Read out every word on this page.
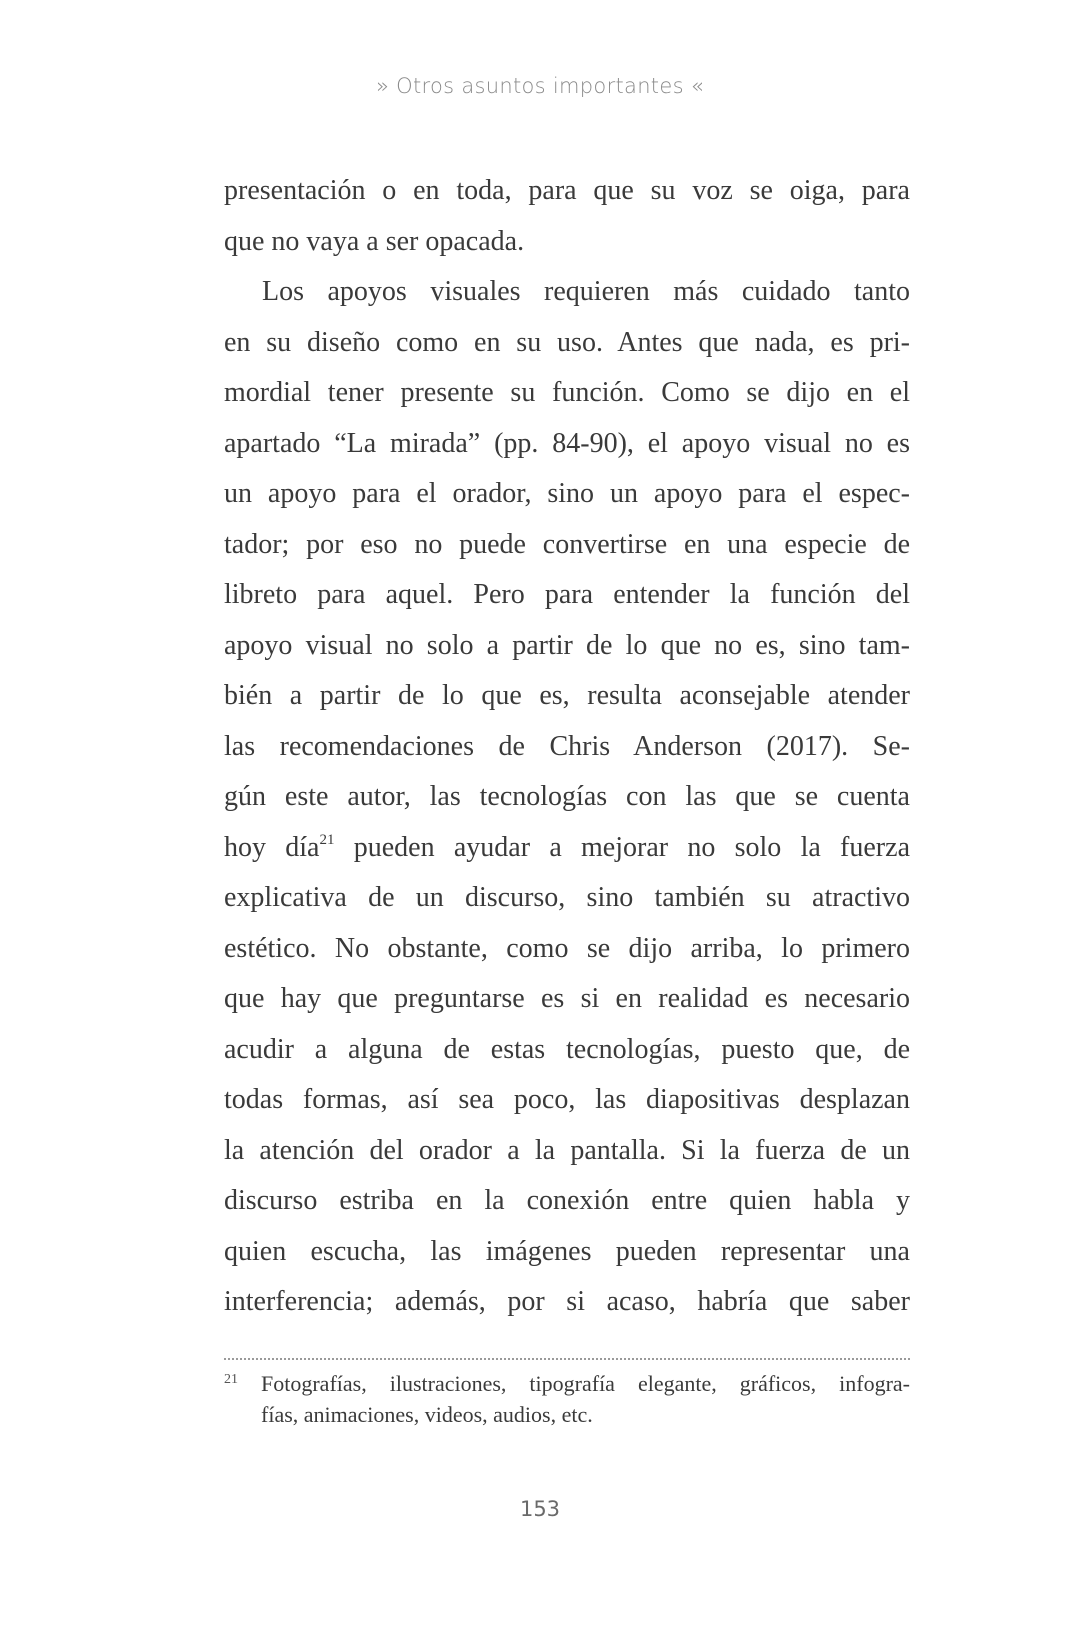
» Otros asuntos importantes «
presentación o en toda, para que su voz se oiga, para
que no vaya a ser opacada.
Los apoyos visuales requieren más cuidado tanto
en su diseño como en su uso. Antes que nada, es pri-
mordial tener presente su función. Como se dijo en el
apartado “La mirada” (pp. 84-90), el apoyo visual no es
un apoyo para el orador, sino un apoyo para el espec-
tador; por eso no puede convertirse en una especie de
libreto para aquel. Pero para entender la función del
apoyo visual no solo a partir de lo que no es, sino tam-
bién a partir de lo que es, resulta aconsejable atender
las recomendaciones de Chris Anderson (2017). Se-
gún este autor, las tecnologías con las que se cuenta
hoy día$^{21}$ pueden ayudar a mejorar no solo la fuerza
explicativa de un discurso, sino también su atractivo
estético. No obstante, como se dijo arriba, lo primero
que hay que preguntarse es si en realidad es necesario
acudir a alguna de estas tecnologías, puesto que, de
todas formas, así sea poco, las diapositivas desplazan
la atención del orador a la pantalla. Si la fuerza de un
discurso estriba en la conexión entre quien habla y
quien escucha, las imágenes pueden representar una
interferencia; además, por si acaso, habría que saber
21 Fotografías, ilustraciones, tipografía elegante, gráficos, infogra-
fías, animaciones, videos, audios, etc.
153
